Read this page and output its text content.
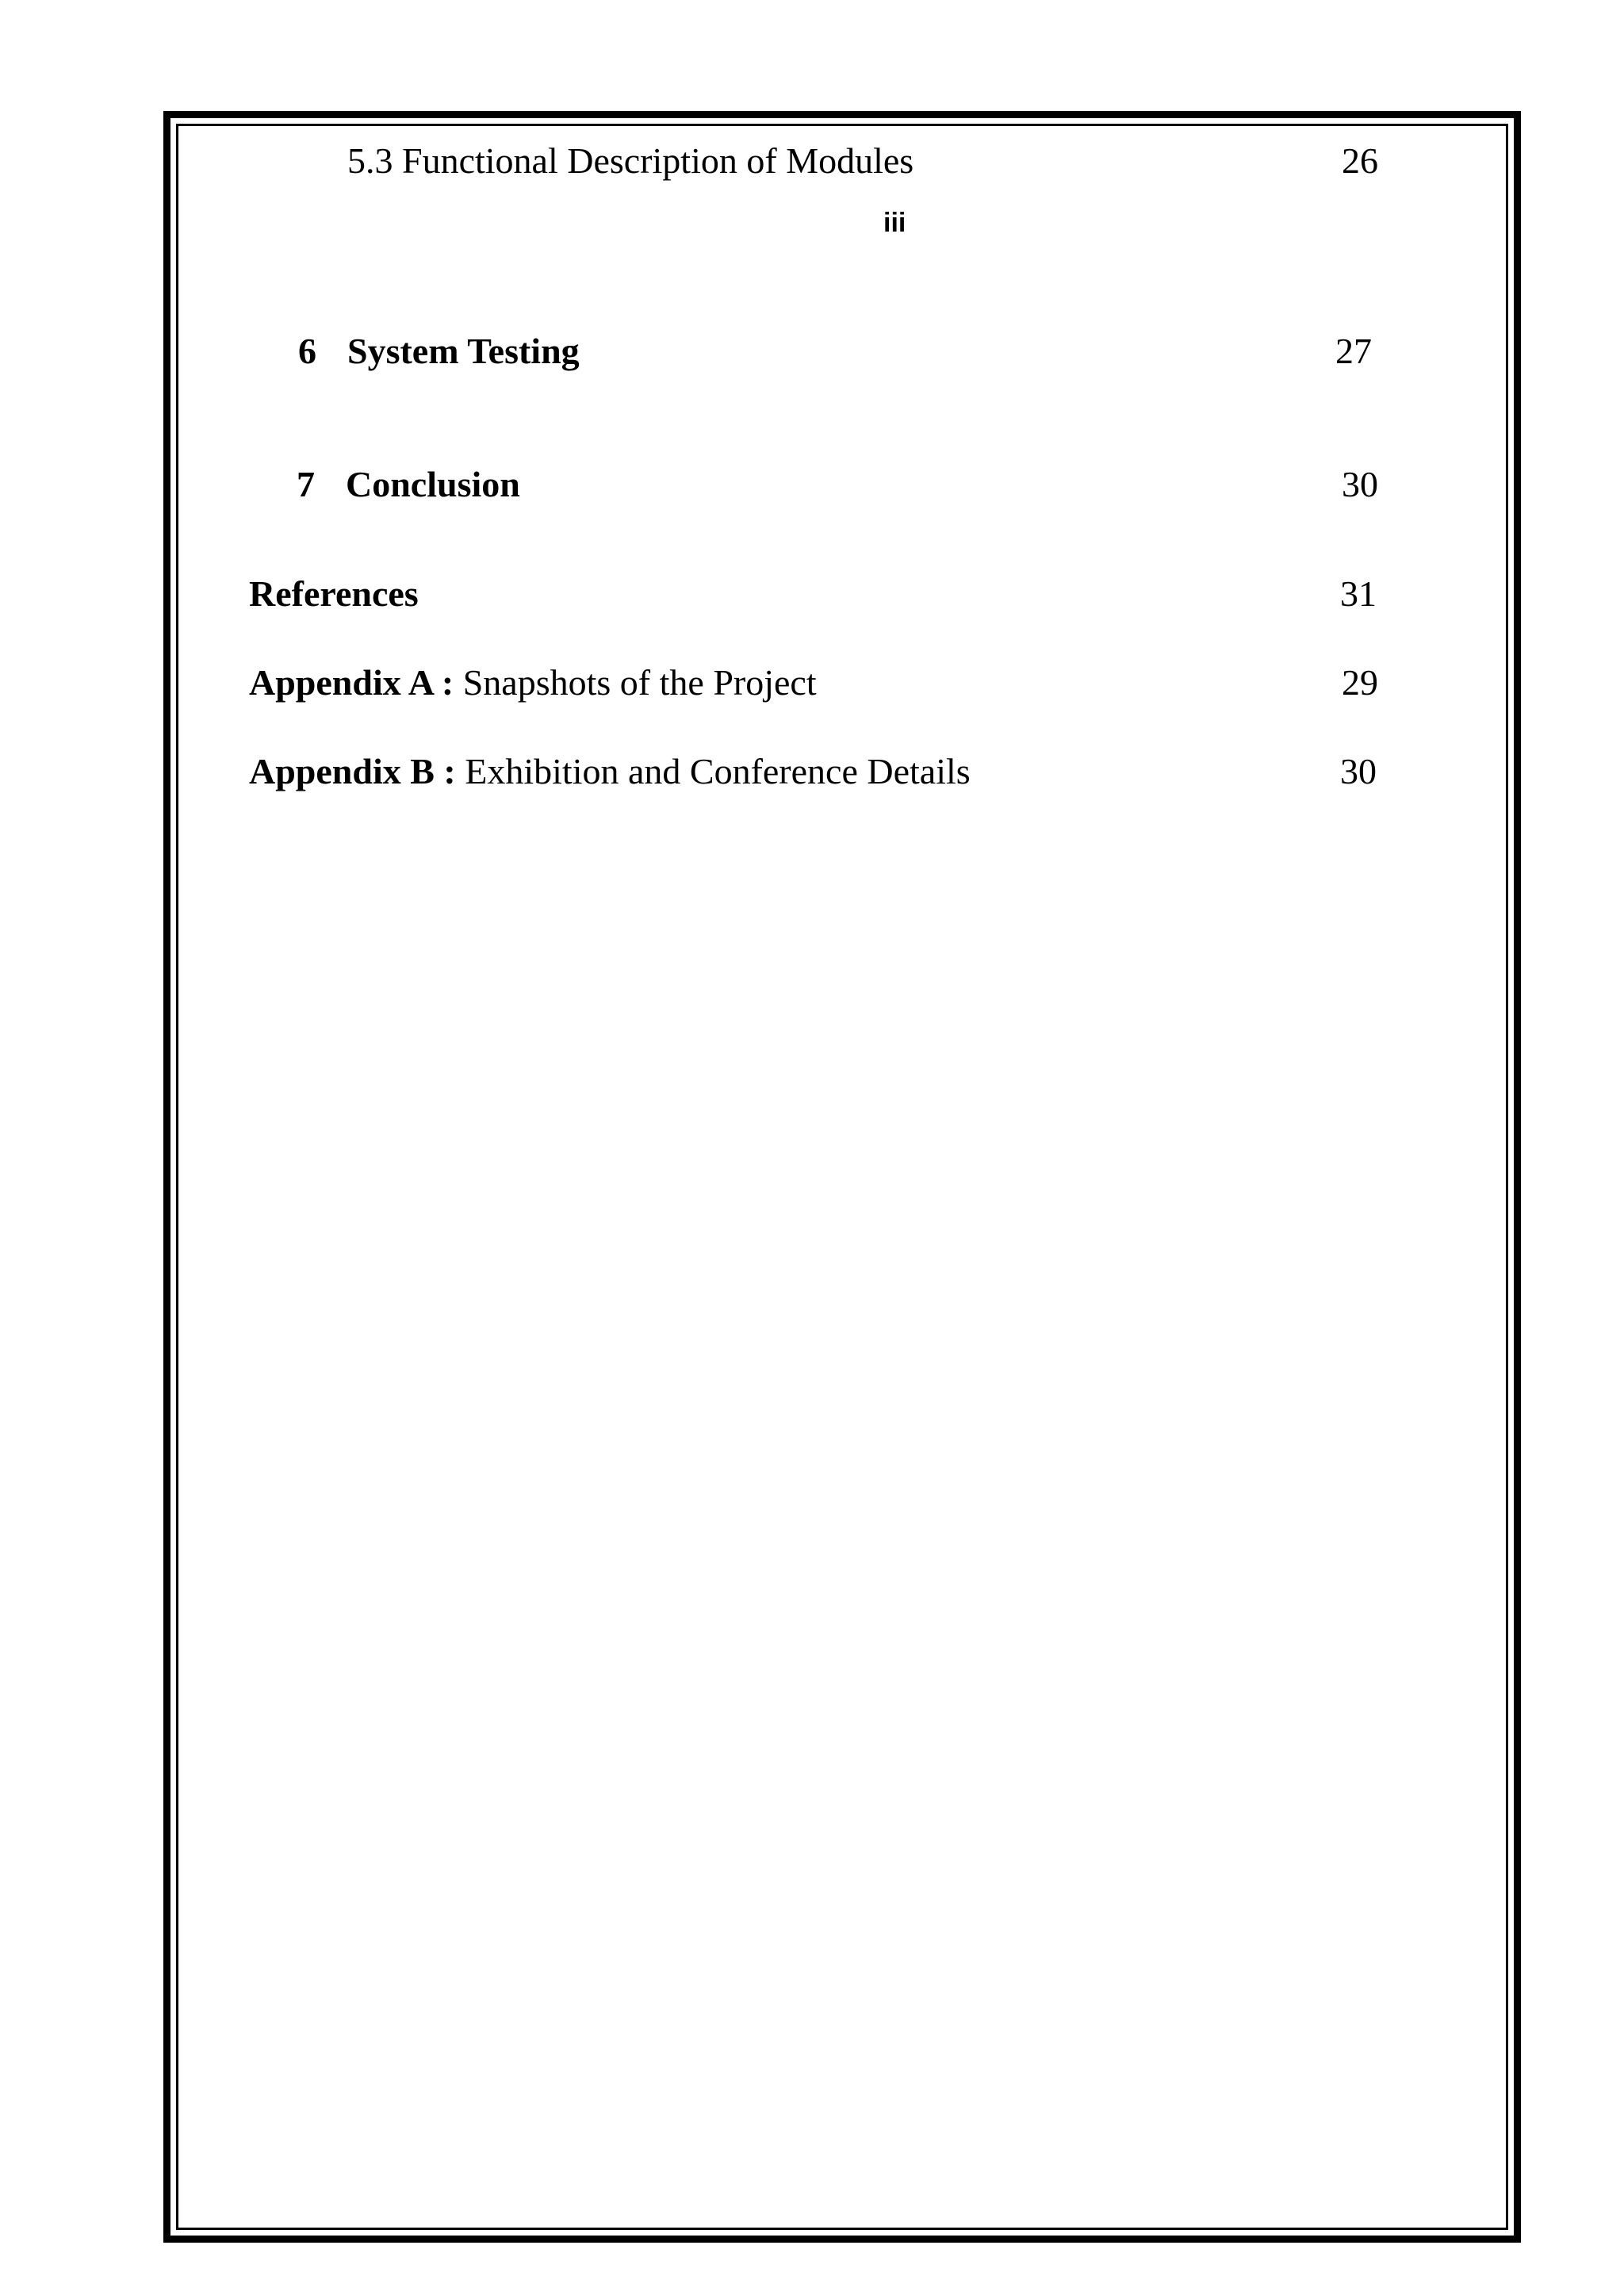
5.3 Functional Description of Modules	26
iii
6 System Testing	27
7 Conclusion	30
References	31
Appendix A : Snapshots of the Project	29
Appendix B : Exhibition and Conference Details	30
